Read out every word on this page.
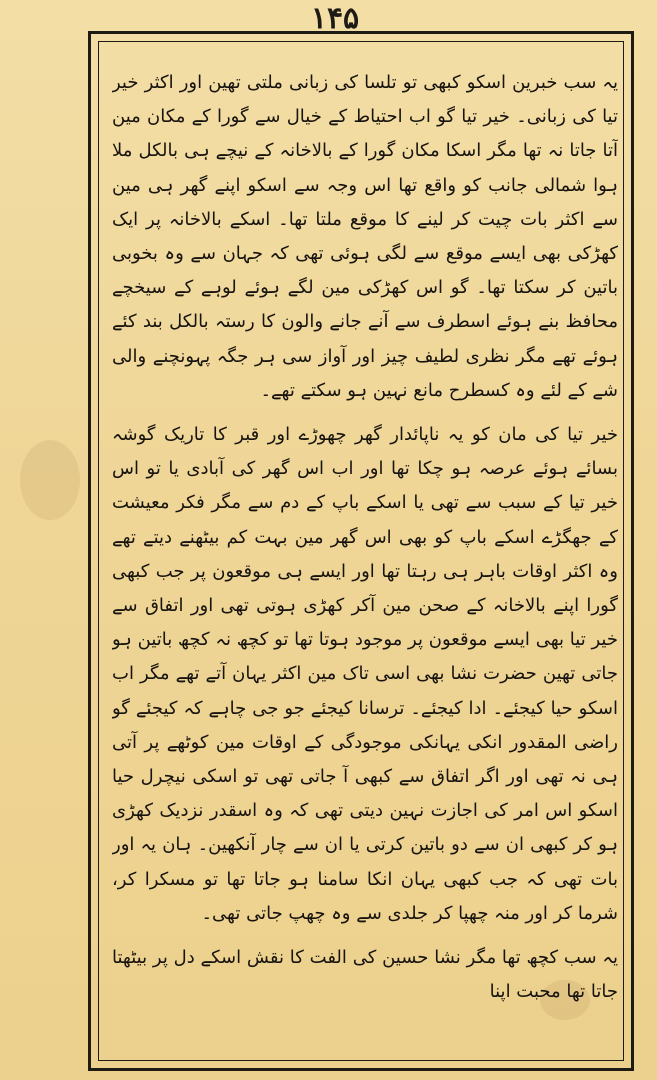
۱۴۵

یہ سب خبرین اسکو کبھی تو تلسا کی زبانی ملتی تھین اور اکثر خیر تیا کی زبانی۔ خیر تیا گو اب احتیاط کے خیال سے گورا کے مکان مین آتا جاتا نہ تھا مگر اسکا مکان گورا کے بالاخانہ کے نیچے ہی بالکل ملا ہوا شمالی جانب کو واقع تھا اس وجہ سے اسکو اپنے گھر ہی مین سے اکثر بات چیت کر لینے کا موقع ملتا تھا۔ اسکے بالاخانہ پر ایک کھڑکی بھی ایسے موقع سے لگی ہوئی تھی کہ جہان سے وہ بخوبی باتین کر سکتا تھا۔ گو اس کھڑکی مین لگے ہوئے لوہے کے سیخچے محافظ بنے ہوئے اسطرف سے آنے جانے والون کا رستہ بالکل بند کئے ہوئے تھے مگر نظری لطیف چیز اور آواز سی ہر جگہ پہونچنے والی شے کے لئے وہ کسطرح مانع نہین ہو سکتے تھے۔

خیر تیا کی مان کو یہ ناپائدار گھر چھوڑے اور قبر کا تاریک گوشہ بسائے ہوئے عرصہ ہو چکا تھا اور اب اس گھر کی آبادی یا تو اس خیر تیا کے سبب سے تھی یا اسکے باپ کے دم سے مگر فکر معیشت کے جھگڑے اسکے باپ کو بھی اس گھر مین بہت کم بیٹھنے دیتے تھے وہ اکثر اوقات باہر ہی رہتا تھا اور ایسے ہی موقعون پر جب کبھی گورا اپنے بالاخانہ کے صحن مین آکر کھڑی ہوتی تھی اور اتفاق سے خیر تیا بھی ایسے موقعون پر موجود ہوتا تھا تو کچھ نہ کچھ باتین ہو جاتی تھین حضرت نشا بھی اسی تاک مین اکثر یہان آتے تھے مگر اب اسکو حیا کیجئے۔ ادا کیجئے۔ ترسانا کیجئے جو جی چاہے کہ کیجئے گو راضی المقدور انکی یہانکی موجودگی کے اوقات مین کوٹھے پر آتی ہی نہ تھی اور اگر اتفاق سے کبھی آ جاتی تھی تو اسکی نیچرل حیا اسکو اس امر کی اجازت نہین دیتی تھی کہ وہ اسقدر نزدیک کھڑی ہو کر کبھی ان سے دو باتین کرتی یا ان سے چار آنکھین۔ ہان یہ اور بات تھی کہ جب کبھی یہان انکا سامنا ہو جاتا تھا تو مسکرا کر، شرما کر اور منہ چھپا کر جلدی سے وہ چھپ جاتی تھی۔

یہ سب کچھ تھا مگر نشا حسین کی الفت کا نقش اسکے دل پر بیٹھتا جاتا تھا محبت اپنا
